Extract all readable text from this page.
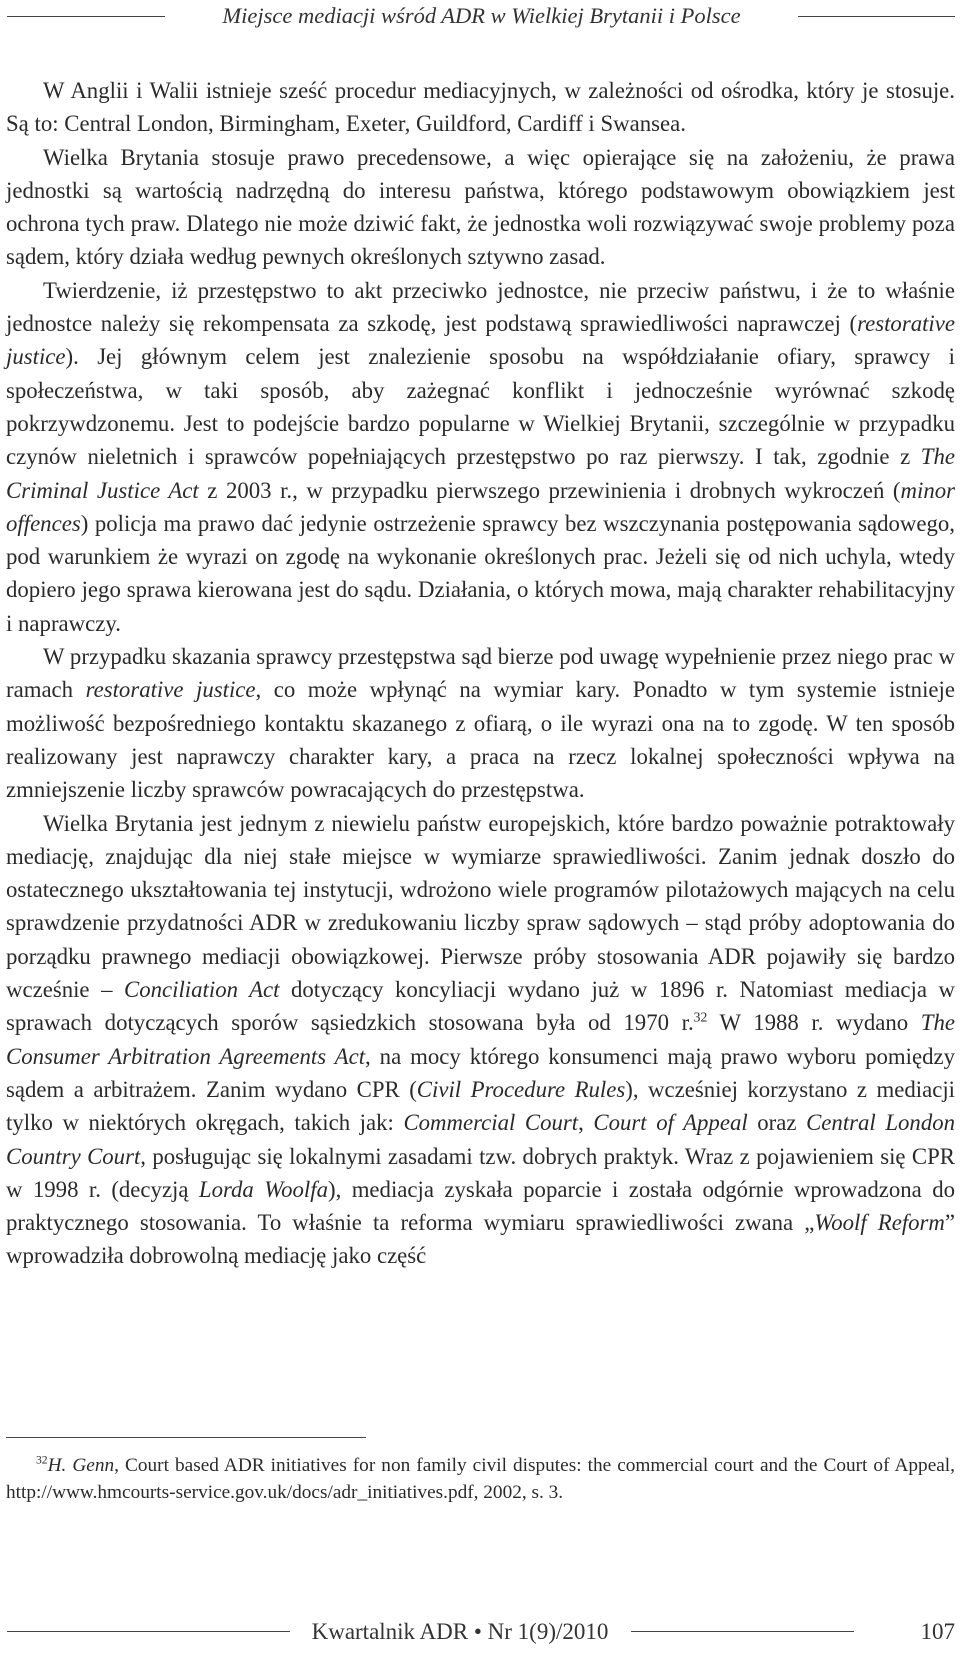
Miejsce mediacji wśród ADR w Wielkiej Brytanii i Polsce

W Anglii i Walii istnieje sześć procedur mediacyjnych, w zależności od ośrodka, który je stosuje. Są to: Central London, Birmingham, Exeter, Guildford, Cardiff i Swansea.

Wielka Brytania stosuje prawo precedensowe, a więc opierające się na założeniu, że prawa jednostki są wartością nadrzędną do interesu państwa, którego podstawowym obowiązkiem jest ochrona tych praw. Dlatego nie może dziwić fakt, że jednostka woli rozwiązywać swoje problemy poza sądem, który działa według pewnych określonych sztywno zasad.

Twierdzenie, iż przestępstwo to akt przeciwko jednostce, nie przeciw państwu, i że to właśnie jednostce należy się rekompensata za szkodę, jest podstawą sprawiedliwości naprawczej (restorative justice). Jej głównym celem jest znalezienie sposobu na współdziałanie ofiary, sprawcy i społeczeństwa, w taki sposób, aby zażegnać konflikt i jednocześnie wyrównać szkodę pokrzywdzonemu. Jest to podejście bardzo popularne w Wielkiej Brytanii, szczególnie w przypadku czynów nieletnich i sprawców popełniających przestępstwo po raz pierwszy. I tak, zgodnie z The Criminal Justice Act z 2003 r., w przypadku pierwszego przewinienia i drobnych wykroczeń (minor offences) policja ma prawo dać jedynie ostrzeżenie sprawcy bez wszczynania postępowania sądowego, pod warunkiem że wyrazi on zgodę na wykonanie określonych prac. Jeżeli się od nich uchyla, wtedy dopiero jego sprawa kierowana jest do sądu. Działania, o których mowa, mają charakter rehabilitacyjny i naprawczy.

W przypadku skazania sprawcy przestępstwa sąd bierze pod uwagę wypełnienie przez niego prac w ramach restorative justice, co może wpłynąć na wymiar kary. Ponadto w tym systemie istnieje możliwość bezpośredniego kontaktu skazanego z ofiarą, o ile wyrazi ona na to zgodę. W ten sposób realizowany jest naprawczy charakter kary, a praca na rzecz lokalnej społeczności wpływa na zmniejszenie liczby sprawców powracających do przestępstwa.

Wielka Brytania jest jednym z niewielu państw europejskich, które bardzo poważnie potraktowały mediację, znajdując dla niej stałe miejsce w wymiarze sprawiedliwości. Zanim jednak doszło do ostatecznego ukształtowania tej instytucji, wdrożono wiele programów pilotażowych mających na celu sprawdzenie przydatności ADR w zredukowaniu liczby spraw sądowych – stąd próby adoptowania do porządku prawnego mediacji obowiązkowej. Pierwsze próby stosowania ADR pojawiły się bardzo wcześnie – Conciliation Act dotyczący koncyliacji wydano już w 1896 r. Natomiast mediacja w sprawach dotyczących sporów sąsiedzkich stosowana była od 1970 r.$^{32}$ W 1988 r. wydano The Consumer Arbitration Agreements Act, na mocy którego konsumenci mają prawo wyboru pomiędzy sądem a arbitrażem. Zanim wydano CPR (Civil Procedure Rules), wcześniej korzystano z mediacji tylko w niektórych okręgach, takich jak: Commercial Court, Court of Appeal oraz Central London Country Court, posługując się lokalnymi zasadami tzw. dobrych praktyk. Wraz z pojawieniem się CPR w 1998 r. (decyzją Lorda Woolfa), mediacja zyskała poparcie i została odgórnie wprowadzona do praktycznego stosowania. To właśnie ta reforma wymiaru sprawiedliwości zwana „Woolf Reform” wprowadziła dobrowolną mediację jako część

$^{32}$H. Genn, Court based ADR initiatives for non family civil disputes: the commercial court and the Court of Appeal, http://www.hmcourts-service.gov.uk/docs/adr_initiatives.pdf, 2002, s. 3.

Kwartalnik ADR • Nr 1(9)/2010	107
